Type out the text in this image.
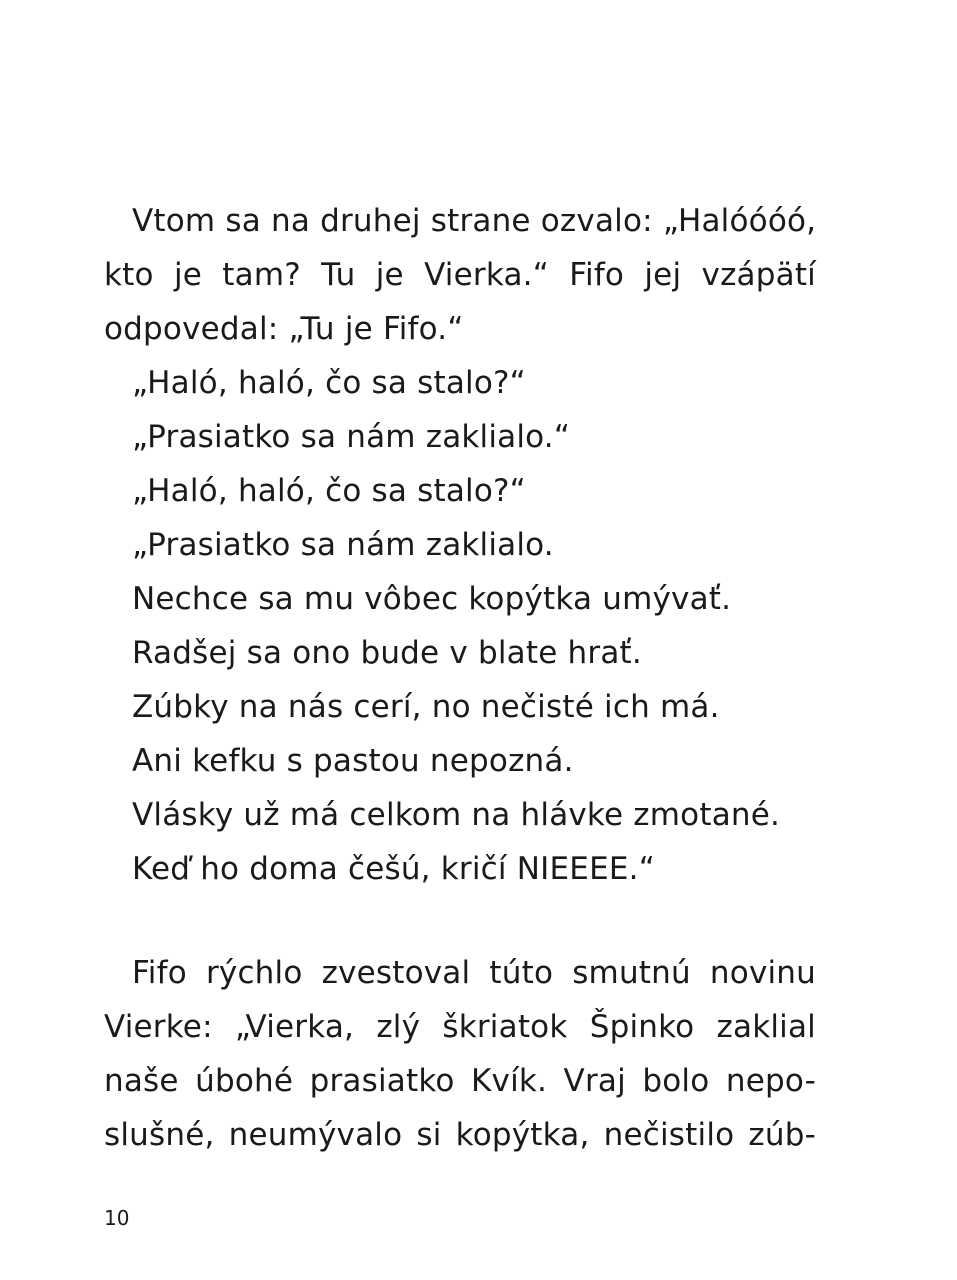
Vtom sa na druhej strane ozvalo: „Halóóóó,
kto je tam? Tu je Vierka.“ Fifo jej vzápätí
odpovedal: „Tu je Fifo.“
„Haló, haló, čo sa stalo?“
„Prasiatko sa nám zaklialo.“
„Haló, haló, čo sa stalo?“
„Prasiatko sa nám zaklialo.
Nechce sa mu vôbec kopýtka umývať.
Radšej sa ono bude v blate hrať.
Zúbky na nás cerí, no nečisté ich má.
Ani kefku s pastou nepozná.
Vlásky už má celkom na hlávke zmotané.
Keď ho doma češú, kričí NIEEEE.“
Fifo rýchlo zvestoval túto smutnú novinu
Vierke: „Vierka, zlý škriatok Špinko zaklial
naše úbohé prasiatko Kvík. Vraj bolo nepo-
slušné, neumývalo si kopýtka, nečistilo zúb-
10
